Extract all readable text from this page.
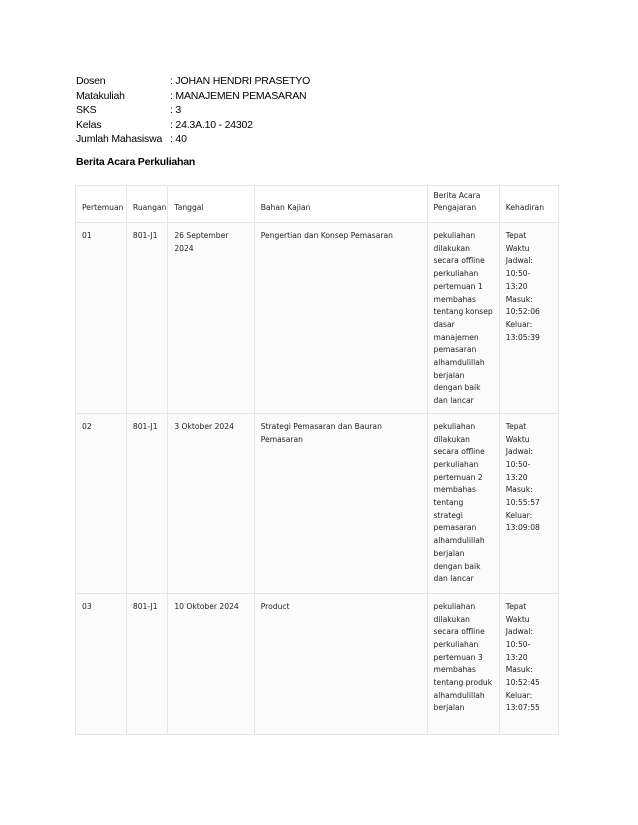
Dosen	: JOHAN HENDRI PRASETYO
Matakuliah	: MANAJEMEN PEMASARAN
SKS	: 3
Kelas	: 24.3A.10 - 24302
Jumlah Mahasiswa : 40
Berita Acara Perkuliahan
Pertemuan	Ruangan	Tanggal	Bahan Kajian	Berita Acara Pengajaran	Kehadiran
01	801-J1	26 September 2024	Pengertian dan Konsep Pemasaran	pekuliahan dilakukan secara offline perkuliahan pertemuan 1 membahas tentang konsep dasar manajemen pemasaran alhamdulillah berjalan dengan baik dan lancar	Tepat Waktu Jadwal: 10:50-13:20 Masuk: 10:52:06 Keluar: 13:05:39
02	801-J1	3 Oktober 2024	Strategi Pemasaran dan Bauran Pemasaran	pekuliahan dilakukan secara offline perkuliahan pertemuan 2 membahas tentang strategi pemasaran alhamdulillah berjalan dengan baik dan lancar	Tepat Waktu Jadwal: 10:50-13:20 Masuk: 10:55:57 Keluar: 13:09:08
03	801-J1	10 Oktober 2024	Product	pekuliahan dilakukan secara offline perkuliahan pertemuan 3 membahas tentang produk alhamdulillah berjalan	Tepat Waktu Jadwal: 10:50-13:20 Masuk: 10:52:45 Keluar: 13:07:55
